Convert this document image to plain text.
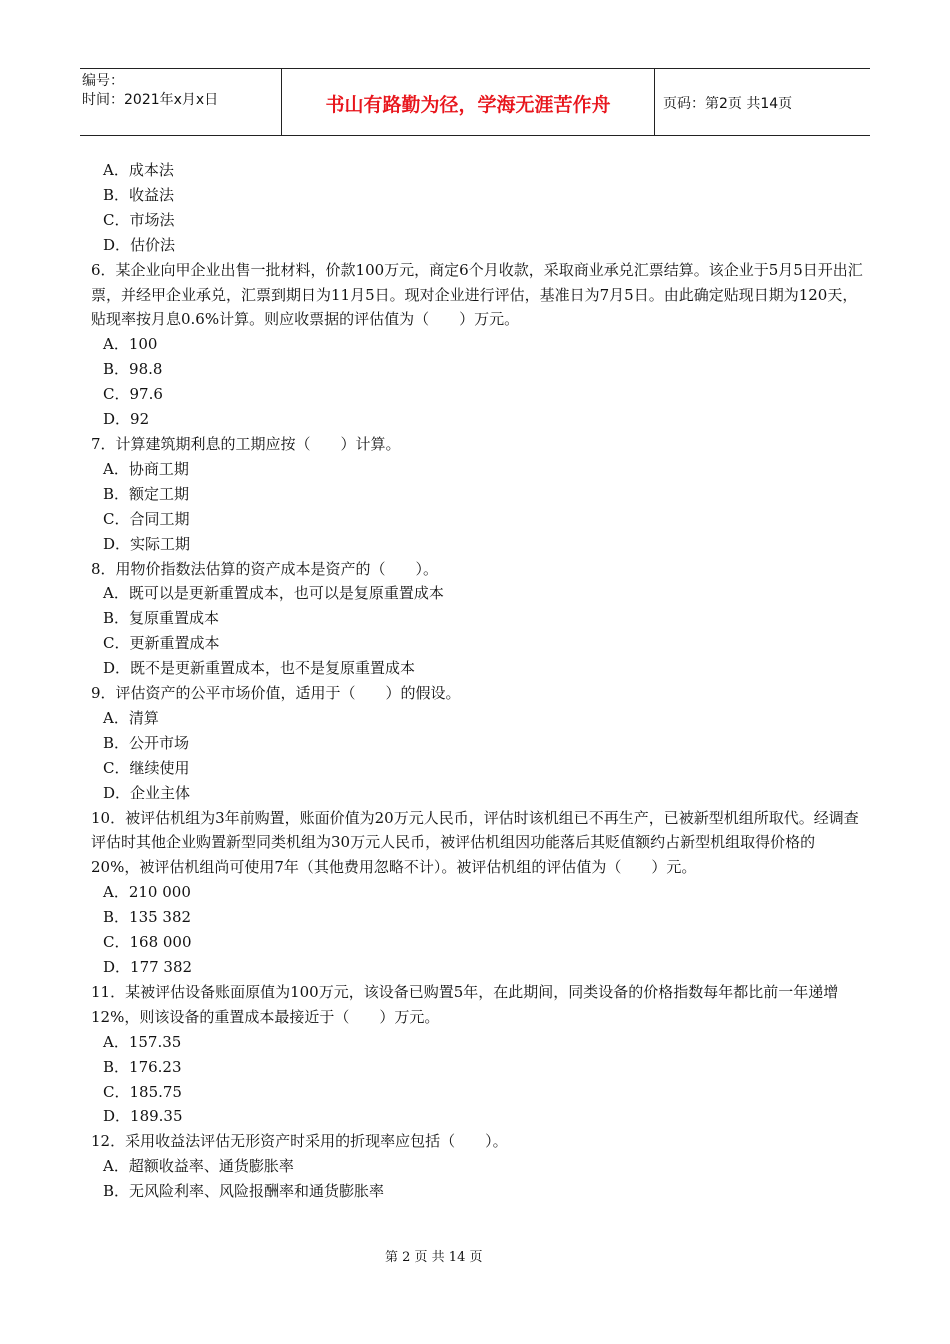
编号：
时间：2021年x月x日	书山有路勤为径，学海无涯苦作舟	页码：第2页 共14页
A．成本法
B．收益法
C．市场法
D．估价法
6．某企业向甲企业出售一批材料，价款100万元，商定6个月收款，采取商业承兑汇票结算。该企业于5月5日开出汇票，并经甲企业承兑，汇票到期日为11月5日。现对企业进行评估，基准日为7月5日。由此确定贴现日期为120天，贴现率按月息0.6%计算。则应收票据的评估值为（　　）万元。
A．100
B．98.8
C．97.6
D．92
7．计算建筑期利息的工期应按（　　）计算。
A．协商工期
B．额定工期
C．合同工期
D．实际工期
8．用物价指数法估算的资产成本是资产的（　　）。
A．既可以是更新重置成本，也可以是复原重置成本
B．复原重置成本
C．更新重置成本
D．既不是更新重置成本，也不是复原重置成本
9．评估资产的公平市场价值，适用于（　　）的假设。
A．清算
B．公开市场
C．继续使用
D．企业主体
10．被评估机组为3年前购置，账面价值为20万元人民币，评估时该机组已不再生产，已被新型机组所取代。经调查评估时其他企业购置新型同类机组为30万元人民币，被评估机组因功能落后其贬值额约占新型机组取得价格的20%，被评估机组尚可使用7年（其他费用忽略不计）。被评估机组的评估值为（　　）元。
A．210 000
B．135 382
C．168 000
D．177 382
11．某被评估设备账面原值为100万元，该设备已购置5年，在此期间，同类设备的价格指数每年都比前一年递增12%，则该设备的重置成本最接近于（　　）万元。
A．157.35
B．176.23
C．185.75
D．189.35
12．采用收益法评估无形资产时采用的折现率应包括（　　）。
A．超额收益率、通货膨胀率
B．无风险利率、风险报酬率和通货膨胀率
第 2 页 共 14 页
